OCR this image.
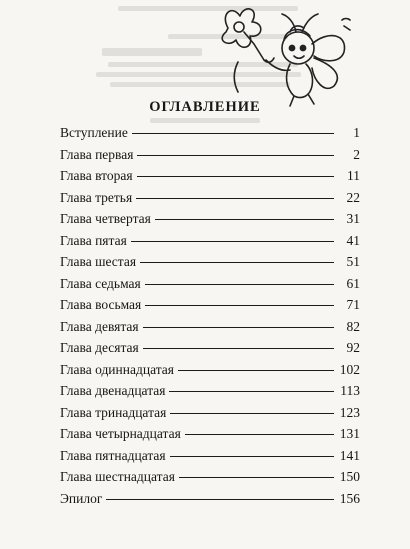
ОГЛАВЛЕНИЕ
Вступление	1
Глава первая	2
Глава вторая	11
Глава третья	22
Глава четвертая	31
Глава пятая	41
Глава шестая	51
Глава седьмая	61
Глава восьмая	71
Глава девятая	82
Глава десятая	92
Глава одиннадцатая	102
Глава двенадцатая	113
Глава тринадцатая	123
Глава четырнадцатая	131
Глава пятнадцатая	141
Глава шестнадцатая	150
Эпилог	156
